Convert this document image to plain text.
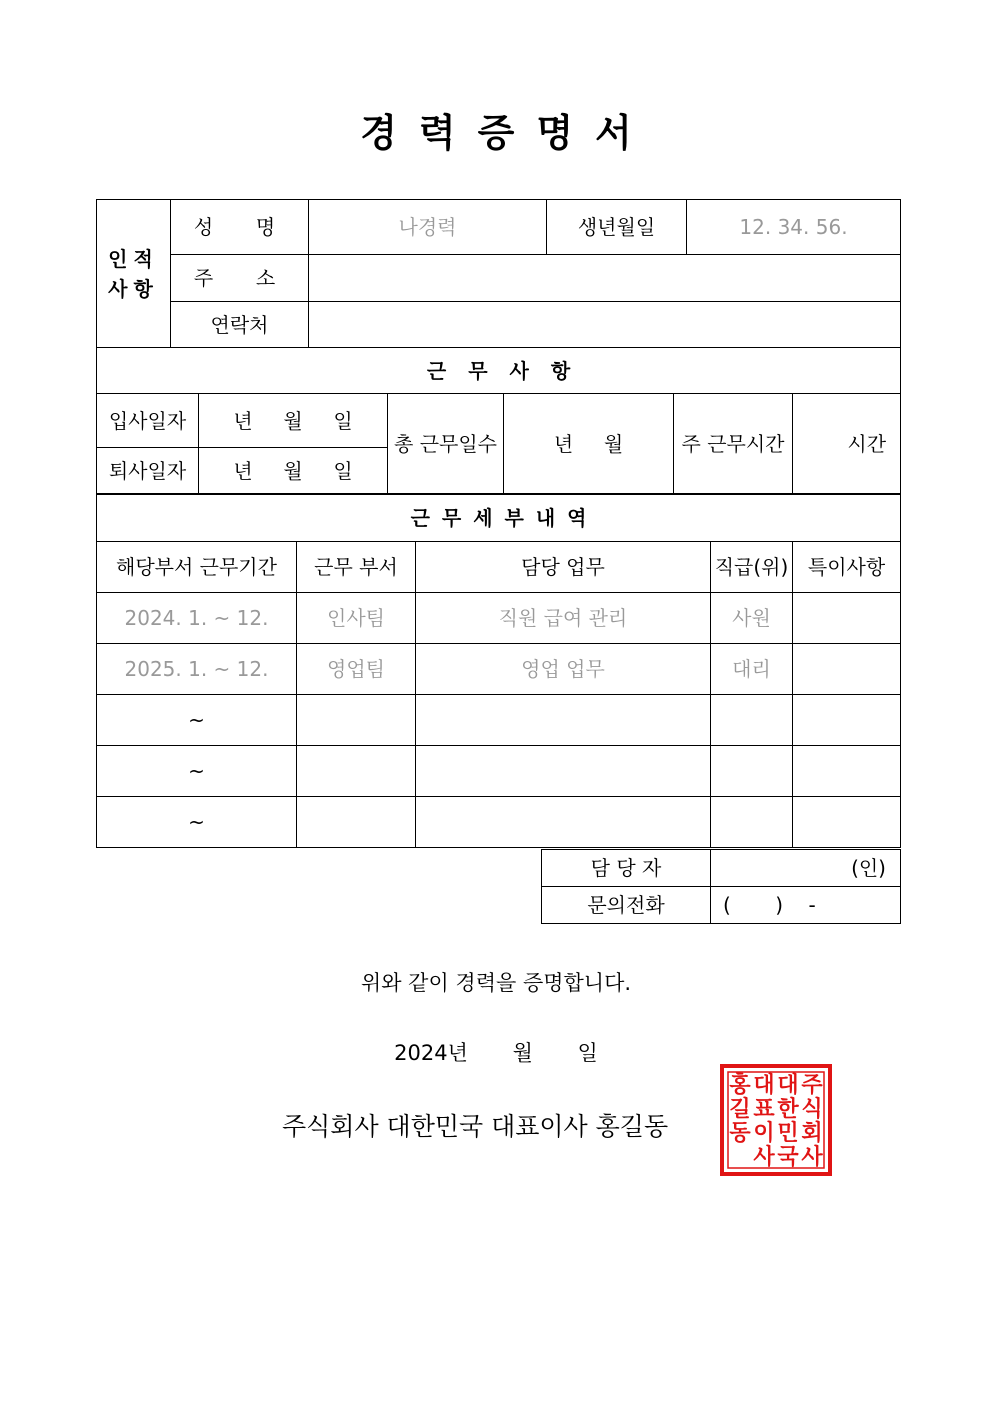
경력증명서
인적
사항	성  명	나경력	생년월일	12. 34. 56.
	주  소			
	연락처			
근무사항					
입사일자	년 월 일	총 근무일수	년 월	주 근무시간	시간
퇴사일자	년 월 일				
근무세부내역				
해당부서 근무기간	근무 부서	담당 업무	직급(위)	특이사항
2024. 1. ~ 12.	인사팀	직원 급여 관리	사원	
2025. 1. ~ 12.	영업팀	영업 업무	대리	
~				
~				
~				
담 당 자	(인)
문의전화	(       )    -
위와 같이 경력을 증명합니다.
2024년 월 일
주식회사 대한민국 대표이사 홍길동
주
식
회
사
대
한
민
국
대
표
이
사
홍
길
동
